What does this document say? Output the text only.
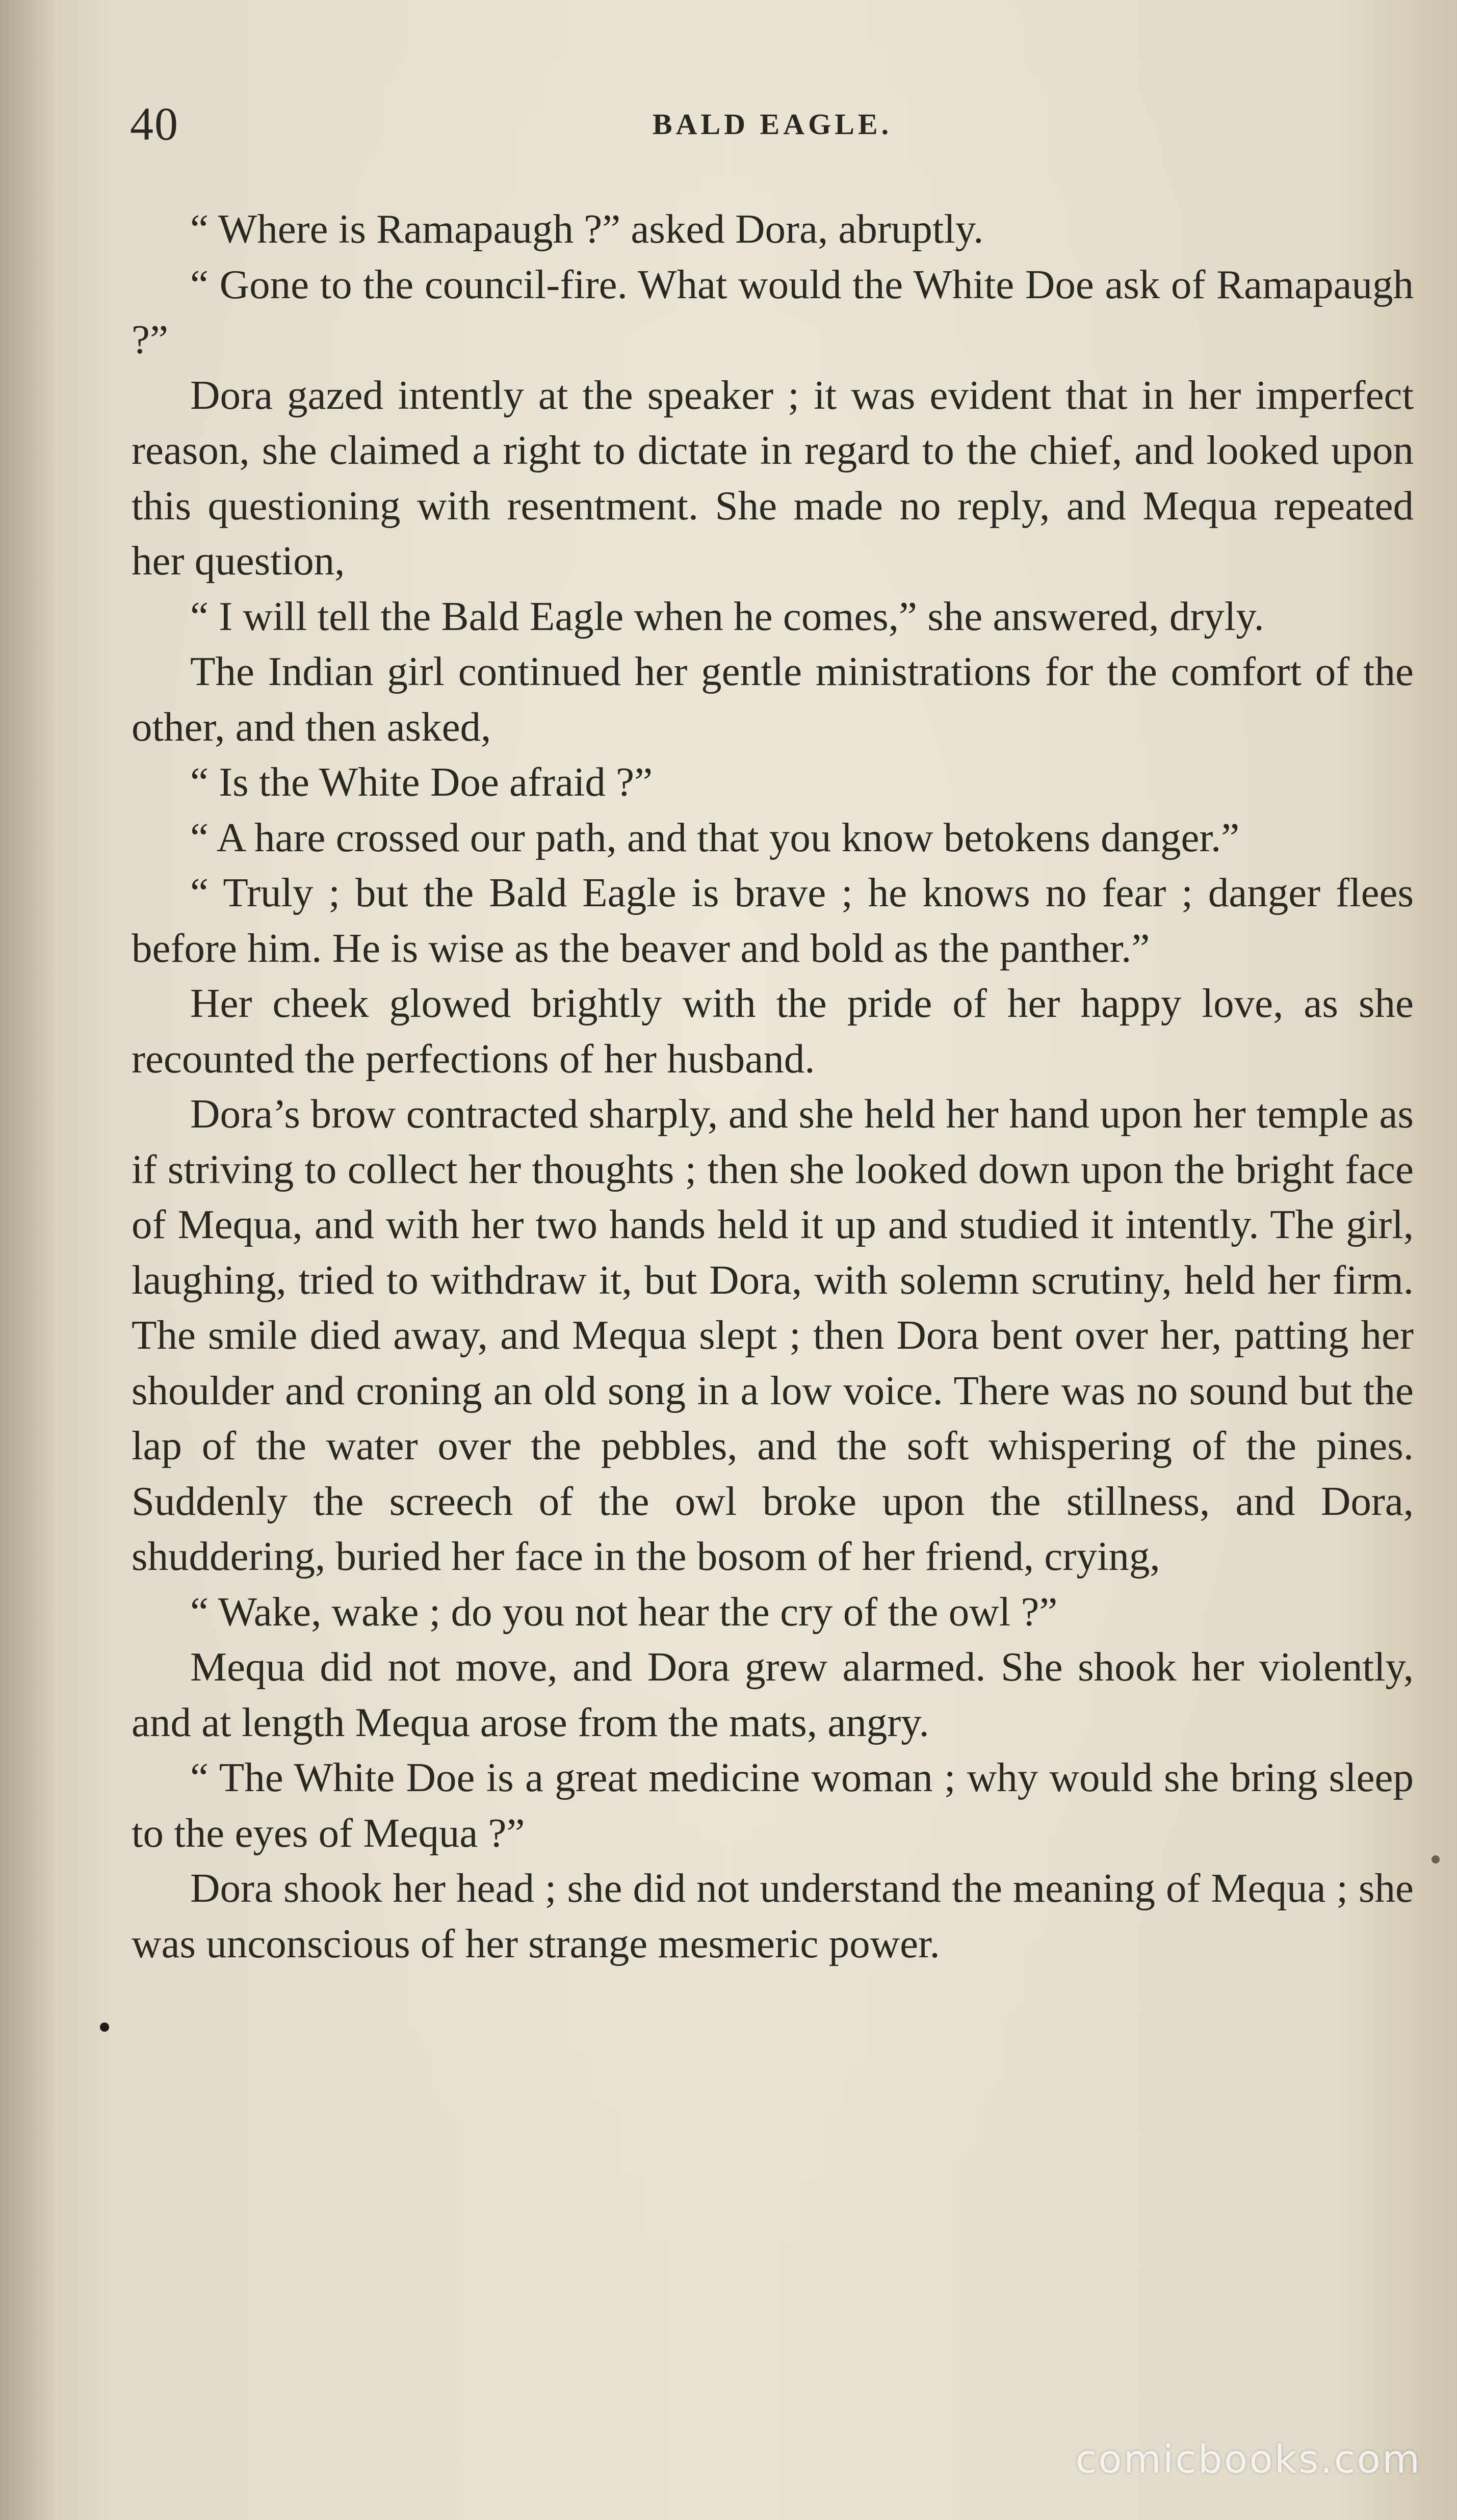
40	BALD EAGLE.

“ Where is Ramapaugh ?” asked Dora, abruptly.

“ Gone to the council-fire. What would the White Doe ask of Ramapaugh ?”

Dora gazed intently at the speaker ; it was evident that in her imperfect reason, she claimed a right to dictate in regard to the chief, and looked upon this questioning with resentment. She made no reply, and Mequa repeated her question,

“ I will tell the Bald Eagle when he comes,” she answered, dryly.

The Indian girl continued her gentle ministrations for the comfort of the other, and then asked,

“ Is the White Doe afraid ?”

“ A hare crossed our path, and that you know betokens danger.”

“ Truly ; but the Bald Eagle is brave ; he knows no fear ; danger flees before him. He is wise as the beaver and bold as the panther.”

Her cheek glowed brightly with the pride of her happy love, as she recounted the perfections of her husband.

Dora’s brow contracted sharply, and she held her hand upon her temple as if striving to collect her thoughts ; then she looked down upon the bright face of Mequa, and with her two hands held it up and studied it intently. The girl, laughing, tried to withdraw it, but Dora, with solemn scrutiny, held her firm. The smile died away, and Mequa slept ; then Dora bent over her, patting her shoulder and croning an old song in a low voice. There was no sound but the lap of the water over the pebbles, and the soft whispering of the pines. Suddenly the screech of the owl broke upon the stillness, and Dora, shuddering, buried her face in the bosom of her friend, crying,

“ Wake, wake ; do you not hear the cry of the owl ?”

Mequa did not move, and Dora grew alarmed. She shook her violently, and at length Mequa arose from the mats, angry.

“ The White Doe is a great medicine woman ; why would she bring sleep to the eyes of Mequa ?”

Dora shook her head ; she did not understand the meaning of Mequa ; she was unconscious of her strange mesmeric power.

comicbooks.com
